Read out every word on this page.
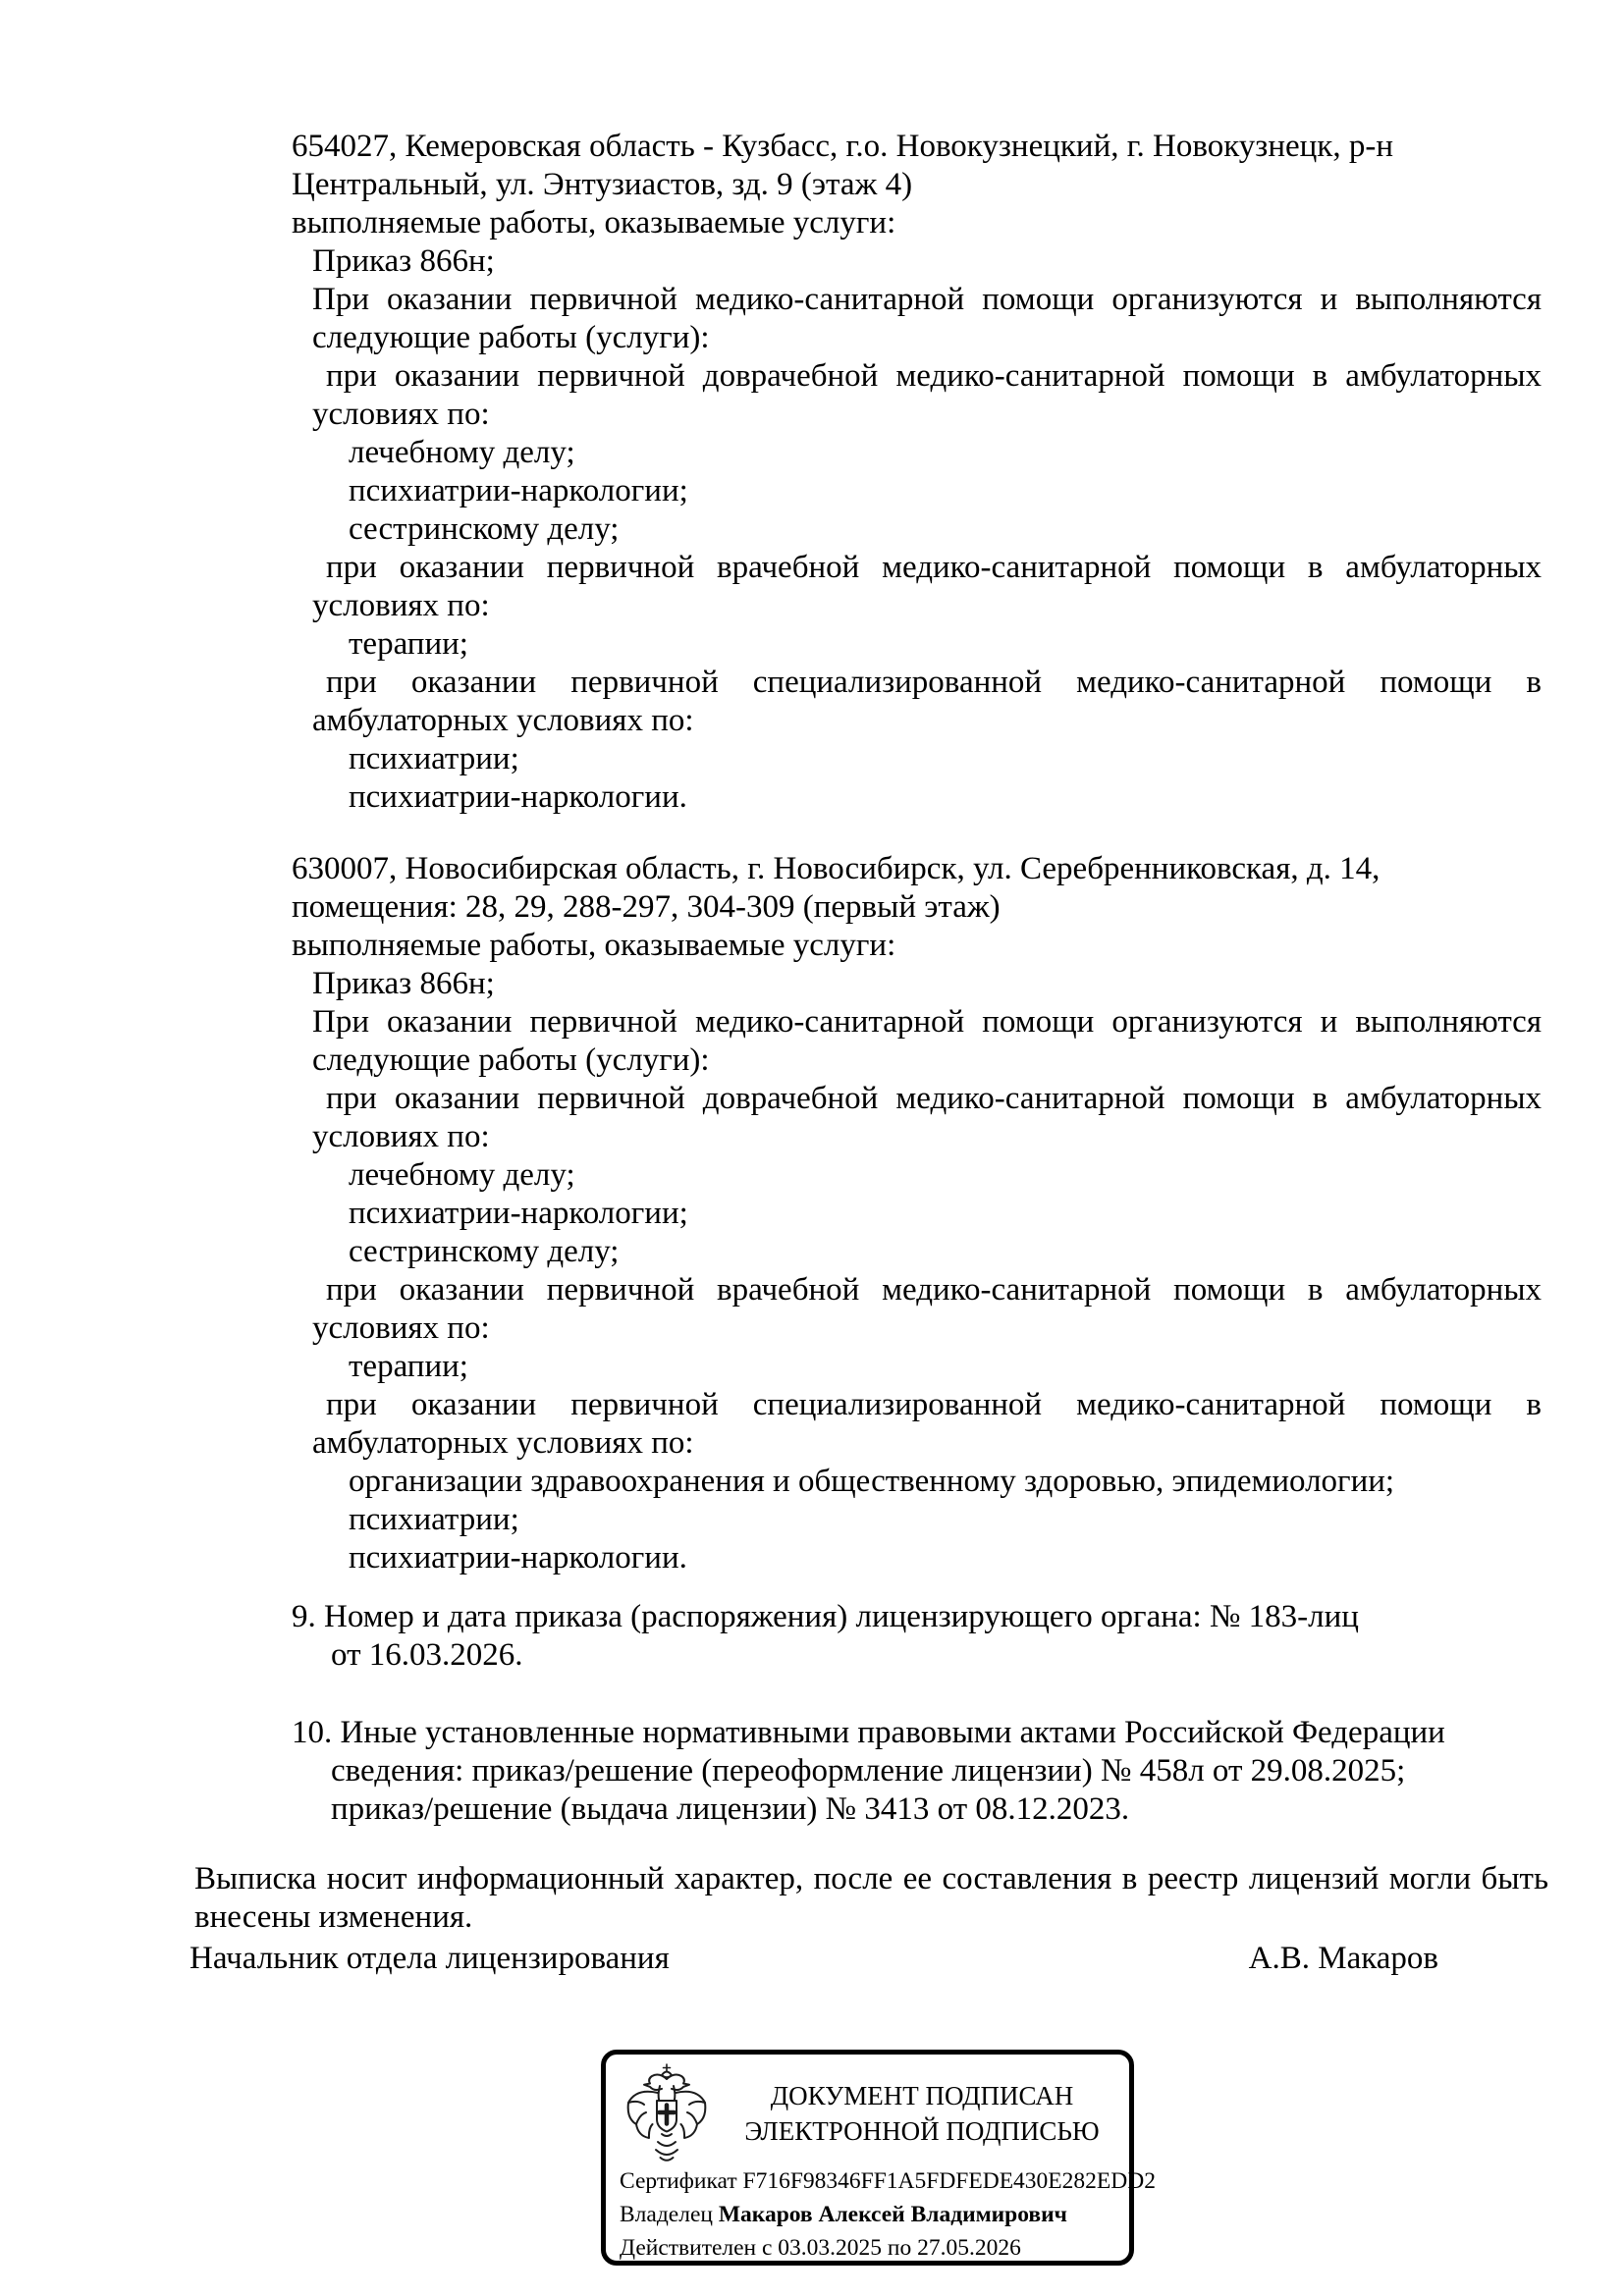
654027, Кемеровская область - Кузбасс, г.о. Новокузнецкий, г. Новокузнецк, р-н
Центральный, ул. Энтузиастов, зд. 9 (этаж 4)
выполняемые работы, оказываемые услуги:
Приказ 866н;
При оказании первичной медико-санитарной помощи организуются и выполняются
следующие работы (услуги):
при оказании первичной доврачебной медико-санитарной помощи в амбулаторных
условиях по:
лечебному делу;
психиатрии-наркологии;
сестринскому делу;
при оказании первичной врачебной медико-санитарной помощи в амбулаторных
условиях по:
терапии;
при оказании первичной специализированной медико-санитарной помощи в
амбулаторных условиях по:
психиатрии;
психиатрии-наркологии.
630007, Новосибирская область, г. Новосибирск, ул. Серебренниковская, д. 14,
помещения: 28, 29, 288-297, 304-309 (первый этаж)
выполняемые работы, оказываемые услуги:
Приказ 866н;
При оказании первичной медико-санитарной помощи организуются и выполняются
следующие работы (услуги):
при оказании первичной доврачебной медико-санитарной помощи в амбулаторных
условиях по:
лечебному делу;
психиатрии-наркологии;
сестринскому делу;
при оказании первичной врачебной медико-санитарной помощи в амбулаторных
условиях по:
терапии;
при оказании первичной специализированной медико-санитарной помощи в
амбулаторных условиях по:
организации здравоохранения и общественному здоровью, эпидемиологии;
психиатрии;
психиатрии-наркологии.
9. Номер и дата приказа (распоряжения) лицензирующего органа: № 183-лиц
от 16.03.2026.
10. Иные установленные нормативными правовыми актами Российской Федерации
сведения: приказ/решение (переоформление лицензии) № 458л от 29.08.2025;
приказ/решение (выдача лицензии) № 3413 от 08.12.2023.
Выписка носит информационный характер, после ее составления в реестр лицензий могли быть
внесены изменения.
Начальник отдела лицензирования	А.В. Макаров
ДОКУМЕНТ ПОДПИСАН
ЭЛЕКТРОННОЙ ПОДПИСЬЮ
Сертификат F716F98346FF1A5FDFEDE430E282EDD2
Владелец Макаров Алексей Владимирович
Действителен с 03.03.2025 по 27.05.2026
